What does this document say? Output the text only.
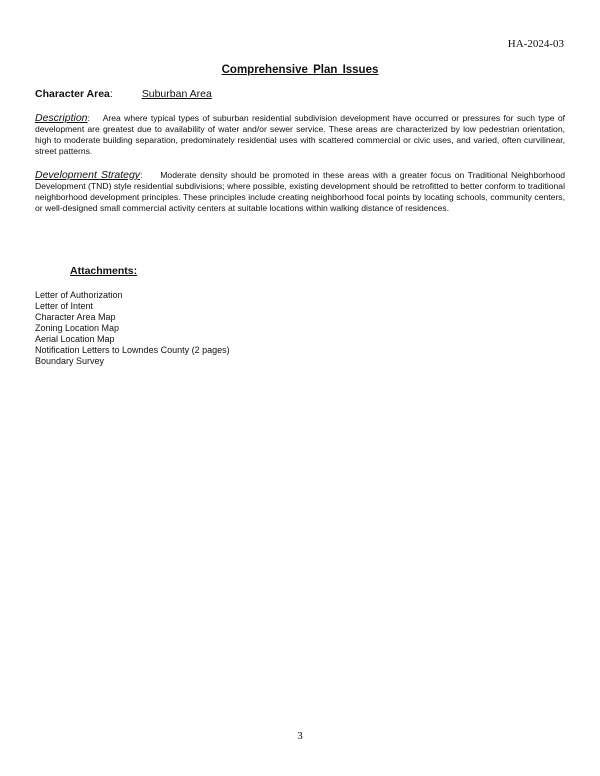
HA-2024-03
Comprehensive Plan Issues
Character Area:	Suburban Area
Description: Area where typical types of suburban residential subdivision development have occurred or pressures for such type of development are greatest due to availability of water and/or sewer service. These areas are characterized by low pedestrian orientation, high to moderate building separation, predominately residential uses with scattered commercial or civic uses, and varied, often curvilinear, street patterns.
Development Strategy: Moderate density should be promoted in these areas with a greater focus on Traditional Neighborhood Development (TND) style residential subdivisions; where possible, existing development should be retrofitted to better conform to traditional neighborhood development principles. These principles include creating neighborhood focal points by locating schools, community centers, or well-designed small commercial activity centers at suitable locations within walking distance of residences.
Attachments:
Letter of Authorization
Letter of Intent
Character Area Map
Zoning Location Map
Aerial Location Map
Notification Letters to Lowndes County (2 pages)
Boundary Survey
3
